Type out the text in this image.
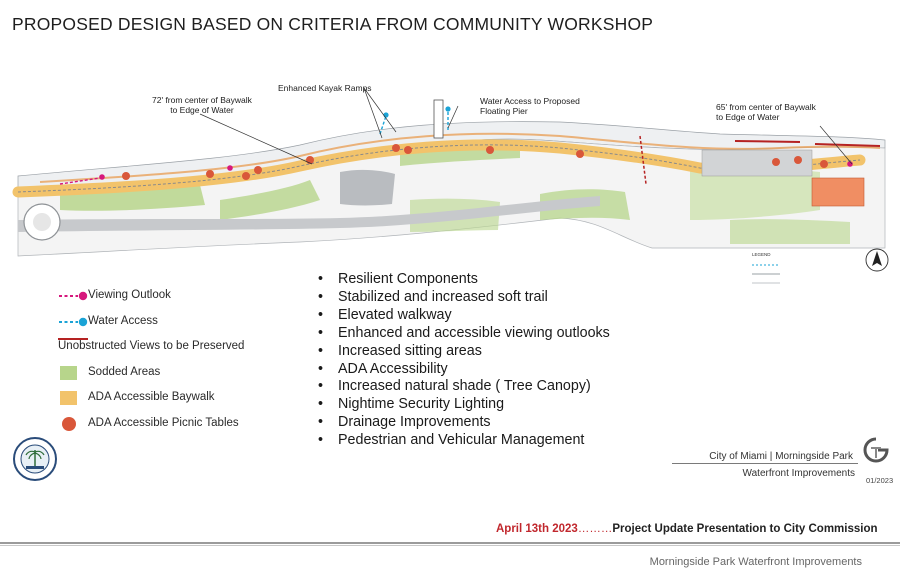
PROPOSED DESIGN BASED ON CRITERIA FROM COMMUNITY WORKSHOP
LEGEND
Enhanced Kayak Ramps
72' from center of Baywalk
to Edge of Water
Water Access to Proposed
Floating Pier	65' from center of Baywalk
to Edge of Water
Viewing Outlook
Water Access
Unobstructed Views to be Preserved
Sodded Areas
ADA Accessible Baywalk
ADA Accessible Picnic Tables
• Resilient Components
• Stabilized and increased soft trail
• Elevated walkway
• Enhanced and accessible viewing outlooks
• Increased sitting areas
• ADA Accessibility
• Increased natural shade ( Tree Canopy)
• Nightime Security Lighting
• Drainage Improvements
• Pedestrian and Vehicular Management
City of Miami | Morningside Park
Waterfront Improvements
01/2023
April 13th 2023………Project Update Presentation to City Commission
Morningside Park Waterfront Improvements
